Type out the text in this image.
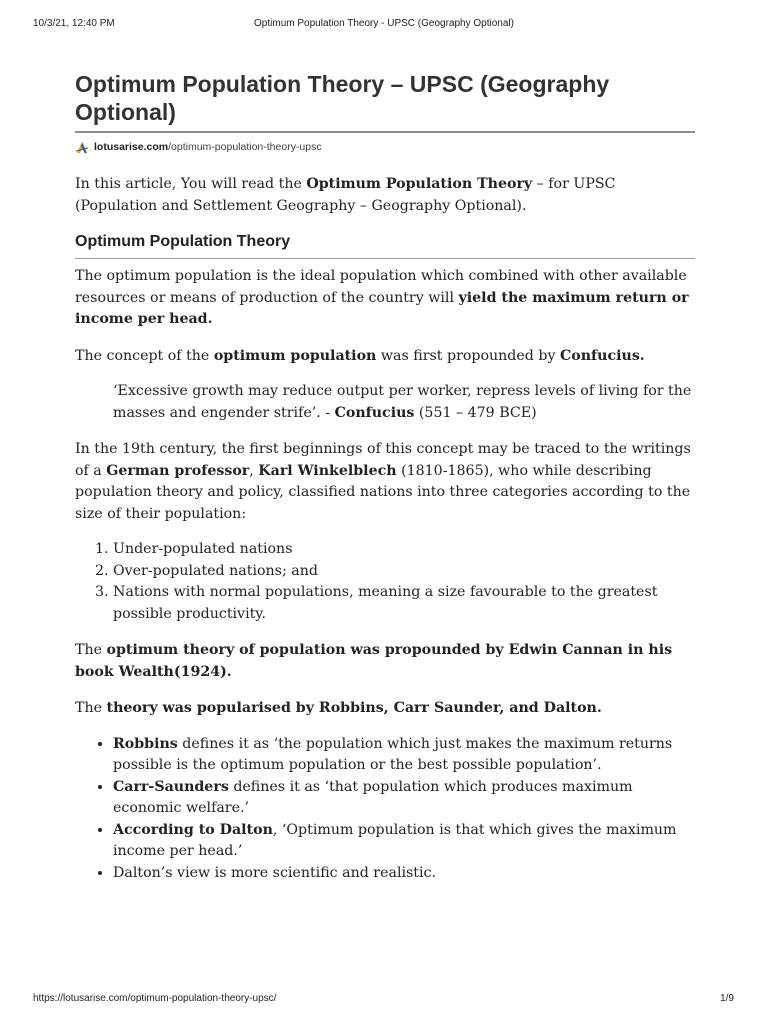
10/3/21, 12:40 PM	Optimum Population Theory - UPSC (Geography Optional)
Optimum Population Theory – UPSC (Geography Optional)
lotusarise.com /optimum-population-theory-upsc

In this article, You will read the Optimum Population Theory – for UPSC (Population and Settlement Geography – Geography Optional).

Optimum Population Theory

The optimum population is the ideal population which combined with other available resources or means of production of the country will yield the maximum return or income per head.

The concept of the optimum population was first propounded by Confucius.

‘Excessive growth may reduce output per worker, repress levels of living for the masses and engender strife’. - Confucius (551 – 479 BCE)

In the 19th century, the first beginnings of this concept may be traced to the writings of a German professor, Karl Winkelblech (1810-1865), who while describing population theory and policy, classified nations into three categories according to the size of their population:

1. Under-populated nations
2. Over-populated nations; and
3. Nations with normal populations, meaning a size favourable to the greatest possible productivity.

The optimum theory of population was propounded by Edwin Cannan in his book Wealth(1924).

The theory was popularised by Robbins, Carr Saunder, and Dalton.

• Robbins defines it as ‘the population which just makes the maximum returns possible is the optimum population or the best possible population’.
• Carr-Saunders defines it as ‘that population which produces maximum economic welfare.’
• According to Dalton, ‘Optimum population is that which gives the maximum income per head.’
• Dalton’s view is more scientific and realistic.
https://lotusarise.com/optimum-population-theory-upsc/	1/9
